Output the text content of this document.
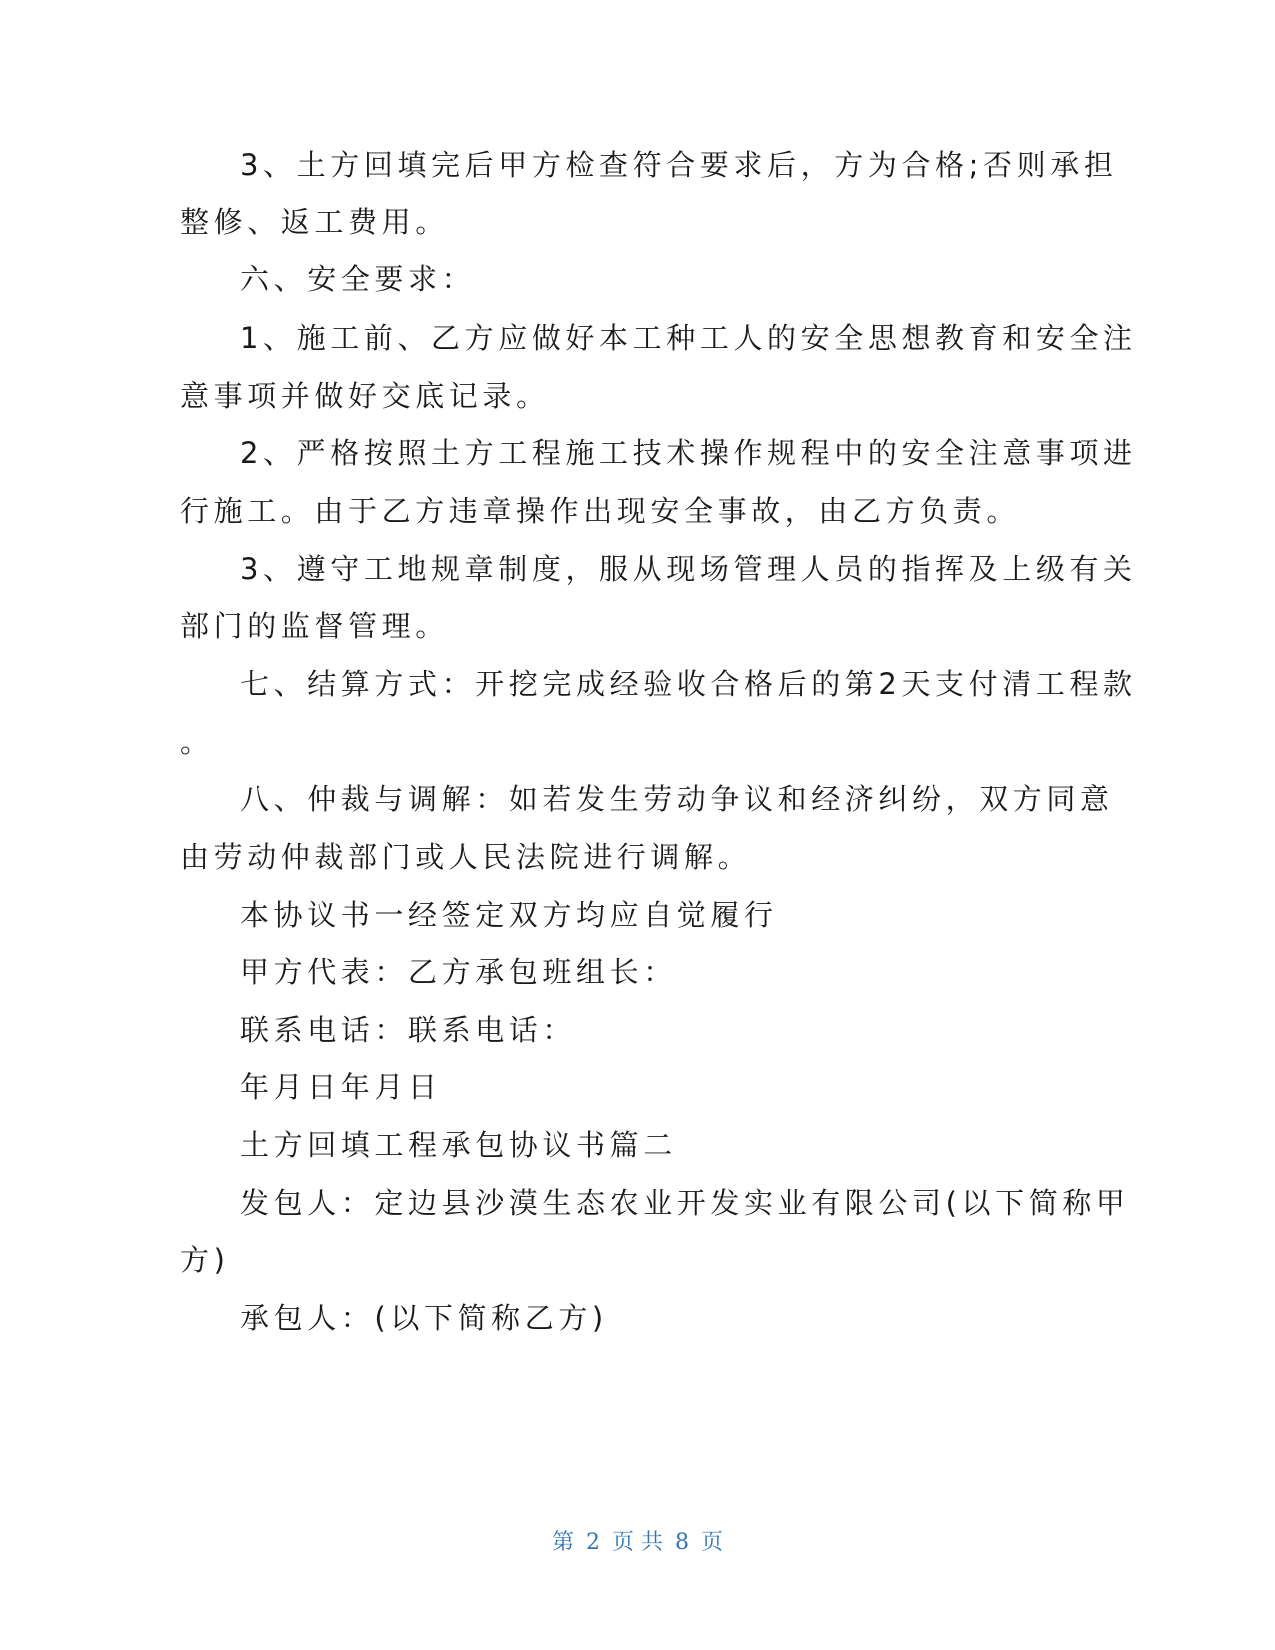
3、土方回填完后甲方检查符合要求后，方为合格;否则承担
整修、返工费用。
六、安全要求：
1、施工前、乙方应做好本工种工人的安全思想教育和安全注
意事项并做好交底记录。
2、严格按照土方工程施工技术操作规程中的安全注意事项进
行施工。由于乙方违章操作出现安全事故，由乙方负责。
3、遵守工地规章制度，服从现场管理人员的指挥及上级有关
部门的监督管理。
七、结算方式：开挖完成经验收合格后的第2天支付清工程款
。
八、仲裁与调解：如若发生劳动争议和经济纠纷，双方同意
由劳动仲裁部门或人民法院进行调解。
本协议书一经签定双方均应自觉履行
甲方代表：乙方承包班组长：
联系电话：联系电话：
年月日年月日
土方回填工程承包协议书篇二
发包人：定边县沙漠生态农业开发实业有限公司(以下简称甲
方)
承包人：(以下简称乙方)
第 2 页 共 8 页
